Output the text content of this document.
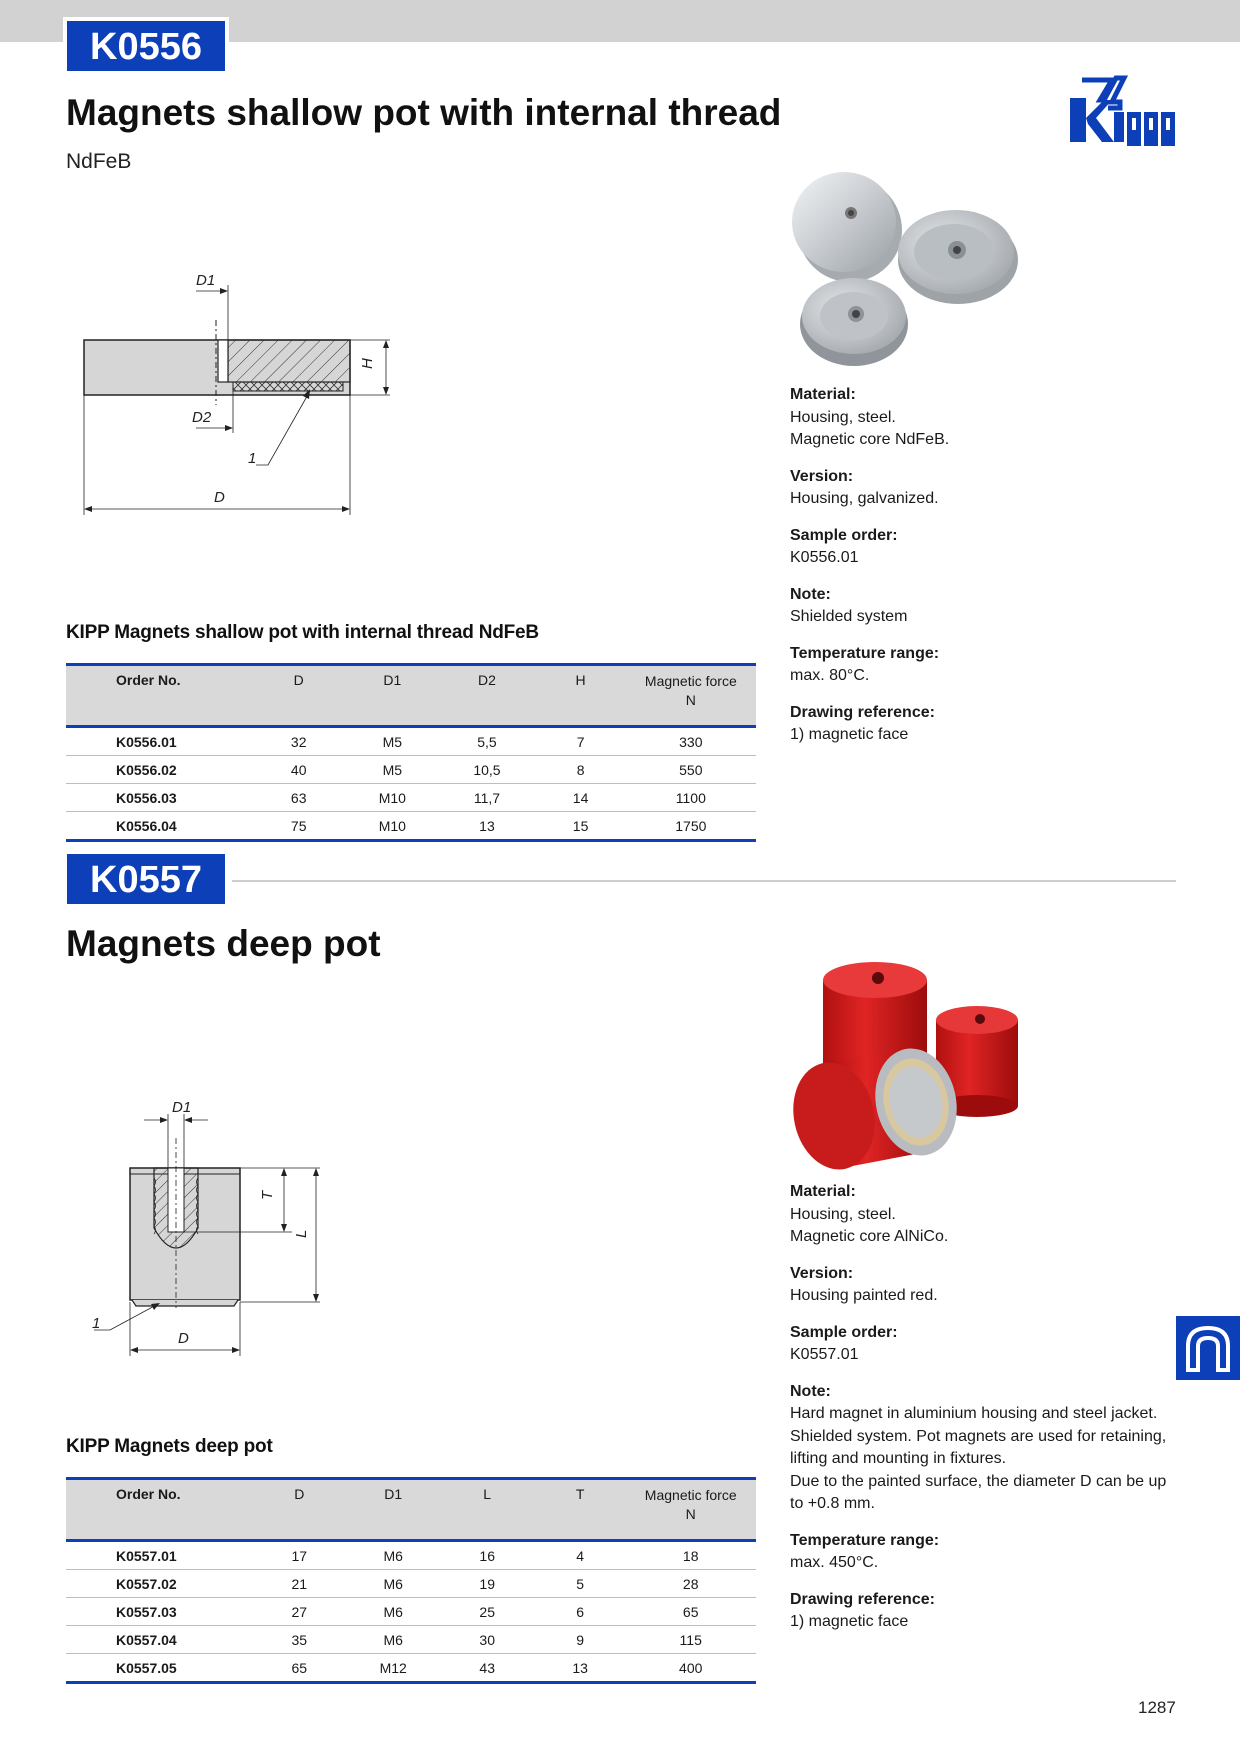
K0556
Magnets shallow pot with internal thread
NdFeB
D1
D2
H
1
D
Material:
Housing, steel.
Magnetic core NdFeB.
Version:
Housing, galvanized.
Sample order:
K0556.01
Note:
Shielded system
Temperature range:
max. 80°C.
Drawing reference:
1) magnetic face
KIPP Magnets shallow pot with internal thread NdFeB
Order No.	D	D1	D2	H	Magnetic force N
K0556.01	32	M5	5,5	7	330
K0556.02	40	M5	10,5	8	550
K0556.03	63	M10	11,7	14	1100
K0556.04	75	M10	13	15	1750
K0557
Magnets deep pot
D1
T
L
1
D
Material:
Housing, steel.
Magnetic core AlNiCo.
Version:
Housing painted red.
Sample order:
K0557.01
Note:
Hard magnet in aluminium housing and steel jacket.
Shielded system. Pot magnets are used for retaining,
lifting and mounting in fixtures.
Due to the painted surface, the diameter D can be up
to +0.8 mm.
Temperature range:
max. 450°C.
Drawing reference:
1) magnetic face
KIPP Magnets deep pot
Order No.	D	D1	L	T	Magnetic force N
K0557.01	17	M6	16	4	18
K0557.02	21	M6	19	5	28
K0557.03	27	M6	25	6	65
K0557.04	35	M6	30	9	115
K0557.05	65	M12	43	13	400
1287
